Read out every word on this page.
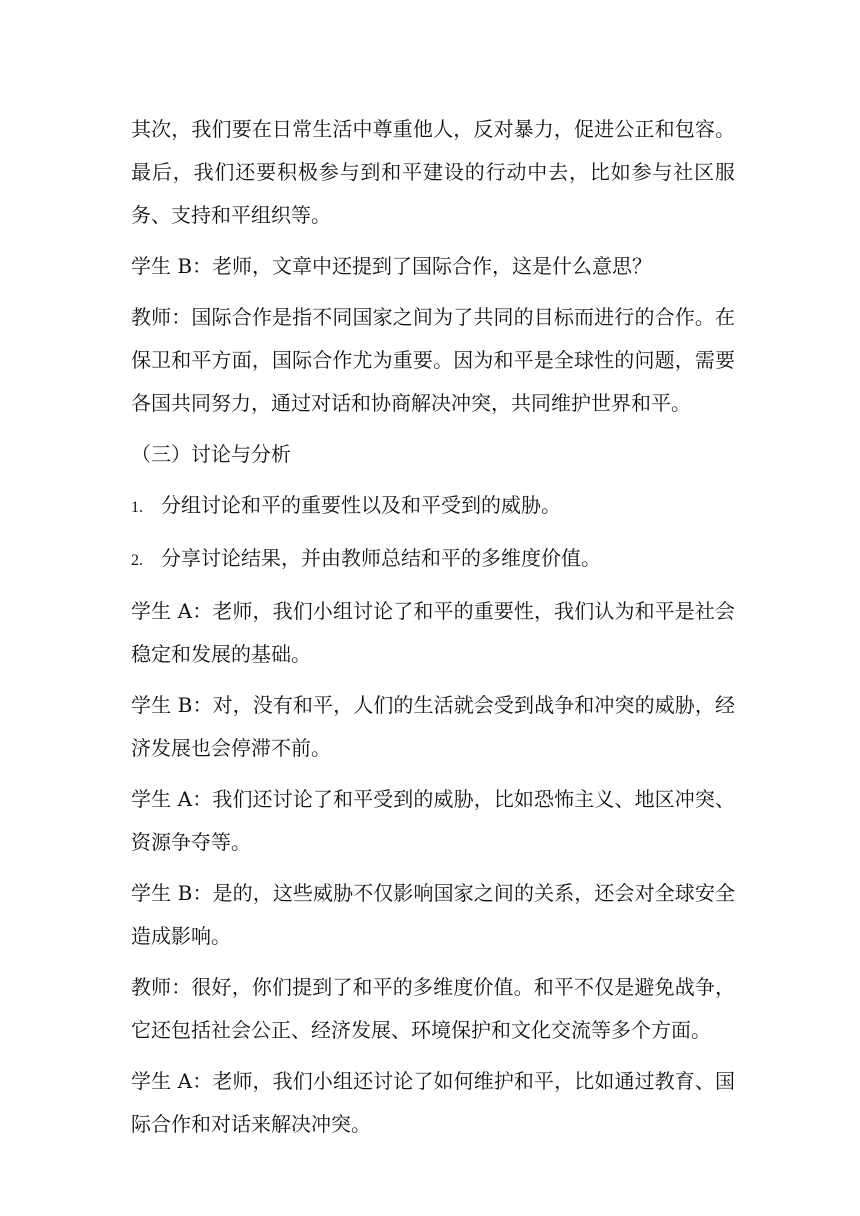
其次，我们要在日常生活中尊重他人，反对暴力，促进公正和包容。最后，我们还要积极参与到和平建设的行动中去，比如参与社区服务、支持和平组织等。

学生 B：老师，文章中还提到了国际合作，这是什么意思？

教师：国际合作是指不同国家之间为了共同的目标而进行的合作。在保卫和平方面，国际合作尤为重要。因为和平是全球性的问题，需要各国共同努力，通过对话和协商解决冲突，共同维护世界和平。

（三）讨论与分析

1. 分组讨论和平的重要性以及和平受到的威胁。

2. 分享讨论结果，并由教师总结和平的多维度价值。

学生 A：老师，我们小组讨论了和平的重要性，我们认为和平是社会稳定和发展的基础。

学生 B：对，没有和平，人们的生活就会受到战争和冲突的威胁，经济发展也会停滞不前。

学生 A：我们还讨论了和平受到的威胁，比如恐怖主义、地区冲突、资源争夺等。

学生 B：是的，这些威胁不仅影响国家之间的关系，还会对全球安全造成影响。

教师：很好，你们提到了和平的多维度价值。和平不仅是避免战争，它还包括社会公正、经济发展、环境保护和文化交流等多个方面。

学生 A：老师，我们小组还讨论了如何维护和平，比如通过教育、国际合作和对话来解决冲突。
